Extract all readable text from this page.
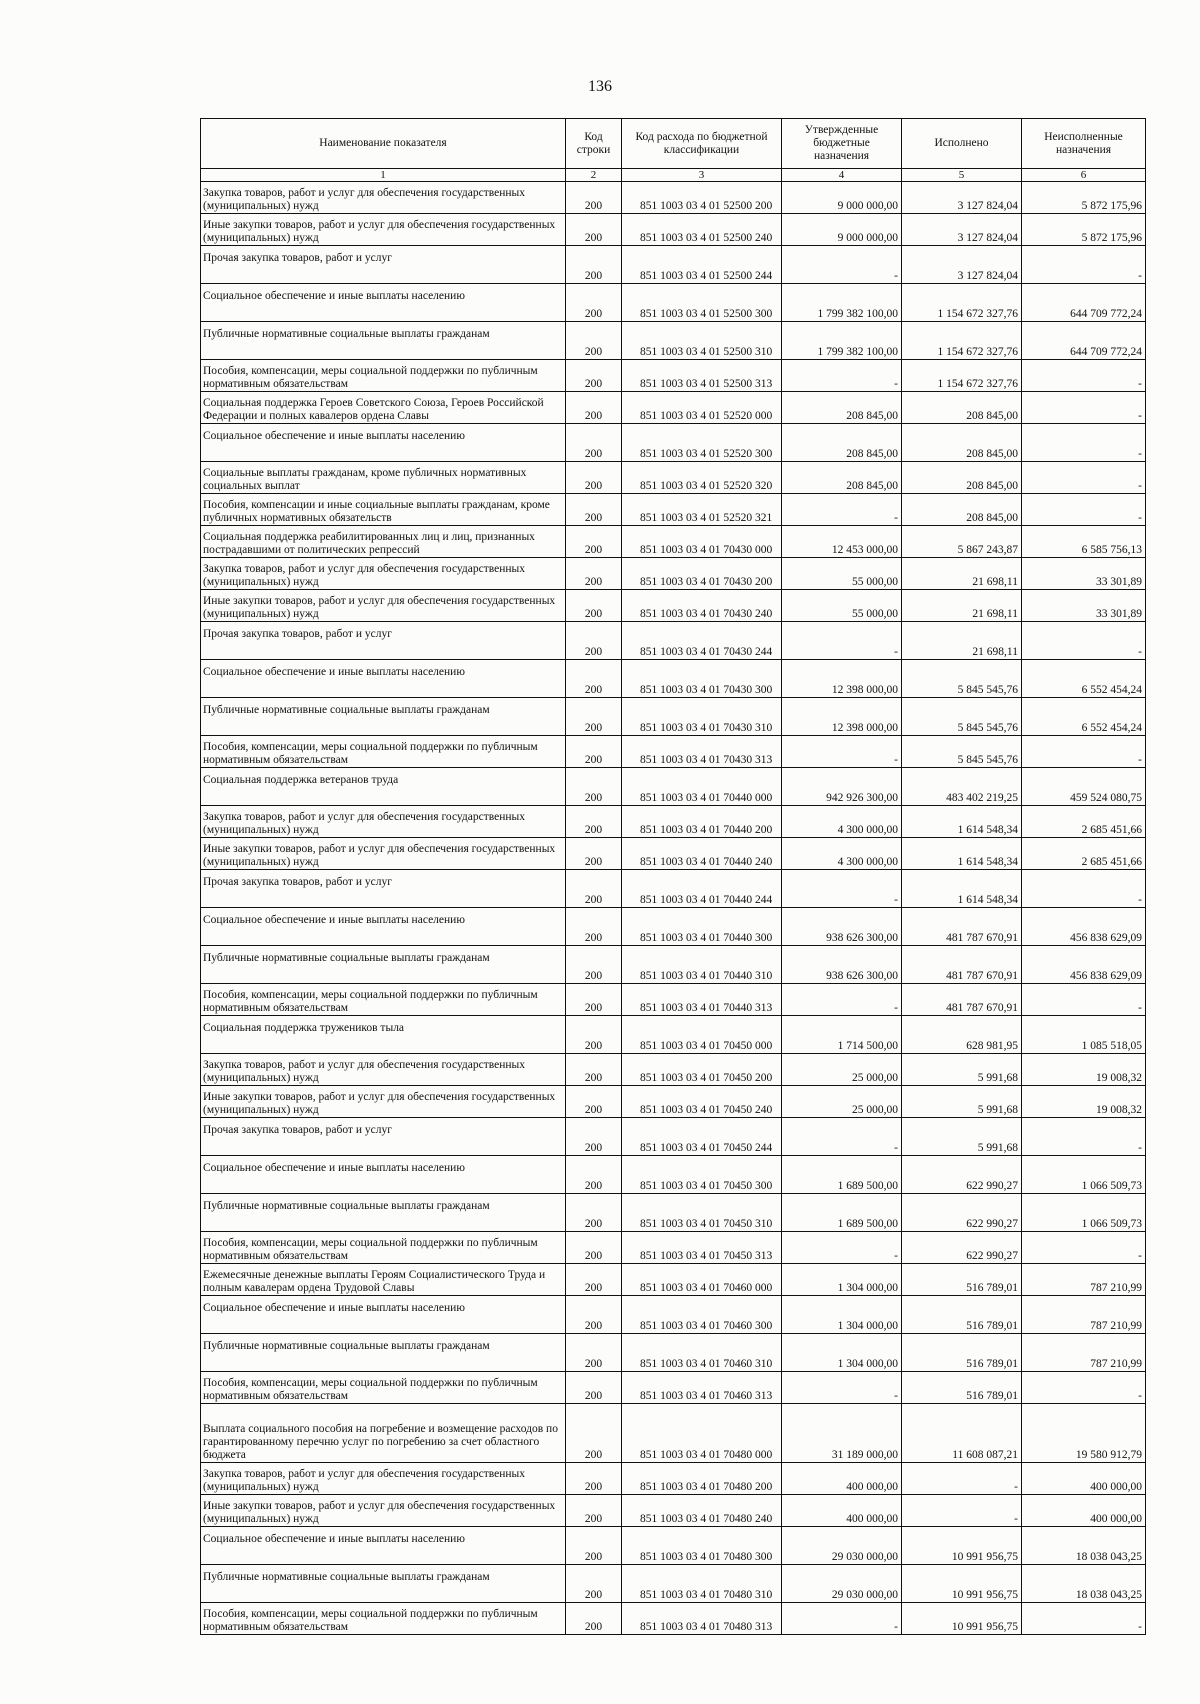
136
Наименование показателя	Код строки	Код расхода по бюджетной классификации	Утвержденные бюджетные назначения	Исполнено	Неисполненные назначения
1	2	3	4	5	6
Закупка товаров, работ и услуг для обеспечения государственных (муниципальных) нужд	200	851 1003 03 4 01 52500 200	9 000 000,00	3 127 824,04	5 872 175,96
Иные закупки товаров, работ и услуг для обеспечения государственных (муниципальных) нужд	200	851 1003 03 4 01 52500 240	9 000 000,00	3 127 824,04	5 872 175,96
Прочая закупка товаров, работ и услуг	200	851 1003 03 4 01 52500 244	-	3 127 824,04	-
Социальное обеспечение и иные выплаты населению	200	851 1003 03 4 01 52500 300	1 799 382 100,00	1 154 672 327,76	644 709 772,24
Публичные нормативные социальные выплаты гражданам	200	851 1003 03 4 01 52500 310	1 799 382 100,00	1 154 672 327,76	644 709 772,24
Пособия, компенсации, меры социальной поддержки по публичным нормативным обязательствам	200	851 1003 03 4 01 52500 313	-	1 154 672 327,76	-
Социальная поддержка Героев Советского Союза, Героев Российской Федерации и полных кавалеров ордена Славы	200	851 1003 03 4 01 52520 000	208 845,00	208 845,00	-
Социальное обеспечение и иные выплаты населению	200	851 1003 03 4 01 52520 300	208 845,00	208 845,00	-
Социальные выплаты гражданам, кроме публичных нормативных социальных выплат	200	851 1003 03 4 01 52520 320	208 845,00	208 845,00	-
Пособия, компенсации и иные социальные выплаты гражданам, кроме публичных нормативных обязательств	200	851 1003 03 4 01 52520 321	-	208 845,00	-
Социальная поддержка реабилитированных лиц и лиц, признанных пострадавшими от политических репрессий	200	851 1003 03 4 01 70430 000	12 453 000,00	5 867 243,87	6 585 756,13
Закупка товаров, работ и услуг для обеспечения государственных (муниципальных) нужд	200	851 1003 03 4 01 70430 200	55 000,00	21 698,11	33 301,89
Иные закупки товаров, работ и услуг для обеспечения государственных (муниципальных) нужд	200	851 1003 03 4 01 70430 240	55 000,00	21 698,11	33 301,89
Прочая закупка товаров, работ и услуг	200	851 1003 03 4 01 70430 244	-	21 698,11	-
Социальное обеспечение и иные выплаты населению	200	851 1003 03 4 01 70430 300	12 398 000,00	5 845 545,76	6 552 454,24
Публичные нормативные социальные выплаты гражданам	200	851 1003 03 4 01 70430 310	12 398 000,00	5 845 545,76	6 552 454,24
Пособия, компенсации, меры социальной поддержки по публичным нормативным обязательствам	200	851 1003 03 4 01 70430 313	-	5 845 545,76	-
Социальная поддержка ветеранов труда	200	851 1003 03 4 01 70440 000	942 926 300,00	483 402 219,25	459 524 080,75
Закупка товаров, работ и услуг для обеспечения государственных (муниципальных) нужд	200	851 1003 03 4 01 70440 200	4 300 000,00	1 614 548,34	2 685 451,66
Иные закупки товаров, работ и услуг для обеспечения государственных (муниципальных) нужд	200	851 1003 03 4 01 70440 240	4 300 000,00	1 614 548,34	2 685 451,66
Прочая закупка товаров, работ и услуг	200	851 1003 03 4 01 70440 244	-	1 614 548,34	-
Социальное обеспечение и иные выплаты населению	200	851 1003 03 4 01 70440 300	938 626 300,00	481 787 670,91	456 838 629,09
Публичные нормативные социальные выплаты гражданам	200	851 1003 03 4 01 70440 310	938 626 300,00	481 787 670,91	456 838 629,09
Пособия, компенсации, меры социальной поддержки по публичным нормативным обязательствам	200	851 1003 03 4 01 70440 313	-	481 787 670,91	-
Социальная поддержка тружеников тыла	200	851 1003 03 4 01 70450 000	1 714 500,00	628 981,95	1 085 518,05
Закупка товаров, работ и услуг для обеспечения государственных (муниципальных) нужд	200	851 1003 03 4 01 70450 200	25 000,00	5 991,68	19 008,32
Иные закупки товаров, работ и услуг для обеспечения государственных (муниципальных) нужд	200	851 1003 03 4 01 70450 240	25 000,00	5 991,68	19 008,32
Прочая закупка товаров, работ и услуг	200	851 1003 03 4 01 70450 244	-	5 991,68	-
Социальное обеспечение и иные выплаты населению	200	851 1003 03 4 01 70450 300	1 689 500,00	622 990,27	1 066 509,73
Публичные нормативные социальные выплаты гражданам	200	851 1003 03 4 01 70450 310	1 689 500,00	622 990,27	1 066 509,73
Пособия, компенсации, меры социальной поддержки по публичным нормативным обязательствам	200	851 1003 03 4 01 70450 313	-	622 990,27	-
Ежемесячные денежные выплаты Героям Социалистического Труда и полным кавалерам ордена Трудовой Славы	200	851 1003 03 4 01 70460 000	1 304 000,00	516 789,01	787 210,99
Социальное обеспечение и иные выплаты населению	200	851 1003 03 4 01 70460 300	1 304 000,00	516 789,01	787 210,99
Публичные нормативные социальные выплаты гражданам	200	851 1003 03 4 01 70460 310	1 304 000,00	516 789,01	787 210,99
Пособия, компенсации, меры социальной поддержки по публичным нормативным обязательствам	200	851 1003 03 4 01 70460 313	-	516 789,01	-
Выплата социального пособия на погребение и возмещение расходов по гарантированному перечню услуг по погребению за счет областного бюджета	200	851 1003 03 4 01 70480 000	31 189 000,00	11 608 087,21	19 580 912,79
Закупка товаров, работ и услуг для обеспечения государственных (муниципальных) нужд	200	851 1003 03 4 01 70480 200	400 000,00	-	400 000,00
Иные закупки товаров, работ и услуг для обеспечения государственных (муниципальных) нужд	200	851 1003 03 4 01 70480 240	400 000,00	-	400 000,00
Социальное обеспечение и иные выплаты населению	200	851 1003 03 4 01 70480 300	29 030 000,00	10 991 956,75	18 038 043,25
Публичные нормативные социальные выплаты гражданам	200	851 1003 03 4 01 70480 310	29 030 000,00	10 991 956,75	18 038 043,25
Пособия, компенсации, меры социальной поддержки по публичным нормативным обязательствам	200	851 1003 03 4 01 70480 313	-	10 991 956,75	-
